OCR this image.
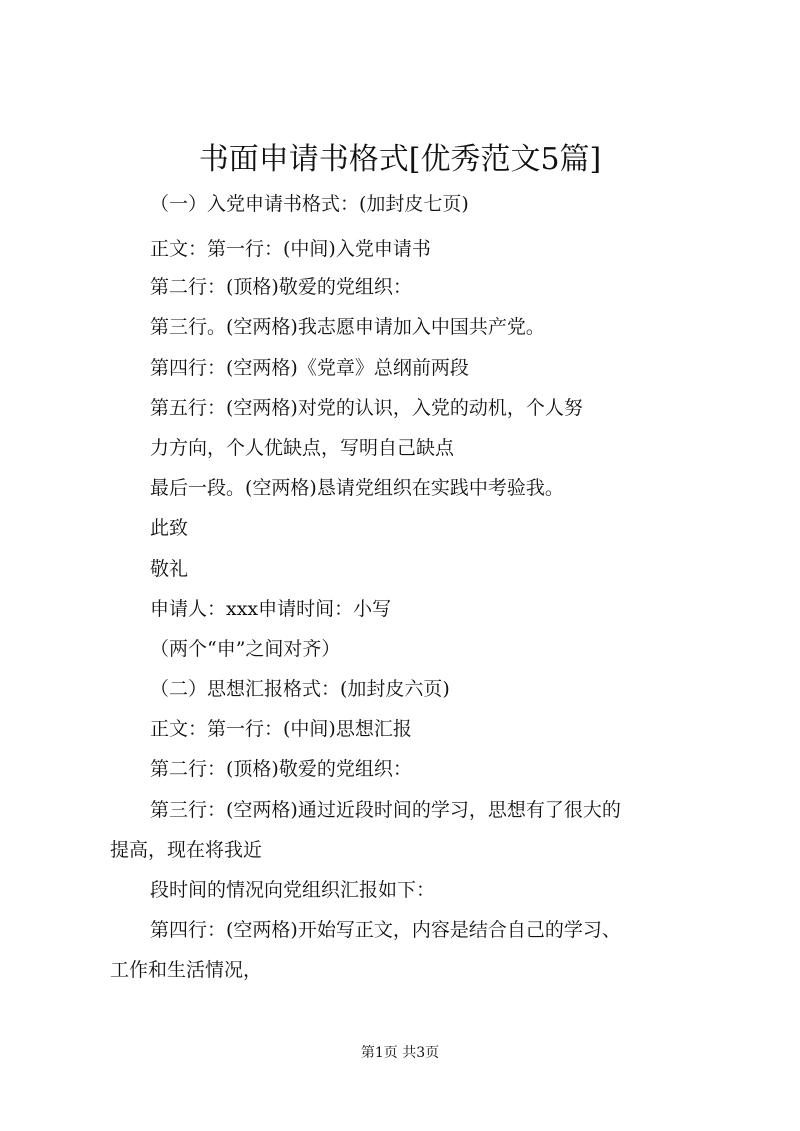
书面申请书格式[优秀范文5篇]
（一）入党申请书格式：(加封皮七页)
正文：第一行：(中间)入党申请书
第二行：(顶格)敬爱的党组织：
第三行。(空两格)我志愿申请加入中国共产党。
第四行：(空两格)《党章》总纲前两段
第五行：(空两格)对党的认识，入党的动机，个人努
力方向，个人优缺点，写明自己缺点
最后一段。(空两格)恳请党组织在实践中考验我。
此致
敬礼
申请人：xxx申请时间：小写
（两个“申”之间对齐）
（二）思想汇报格式：(加封皮六页)
正文：第一行：(中间)思想汇报
第二行：(顶格)敬爱的党组织：
第三行：(空两格)通过近段时间的学习，思想有了很大的
提高，现在将我近
段时间的情况向党组织汇报如下：
第四行：(空两格)开始写正文，内容是结合自己的学习、
工作和生活情况，
第1页 共3页
